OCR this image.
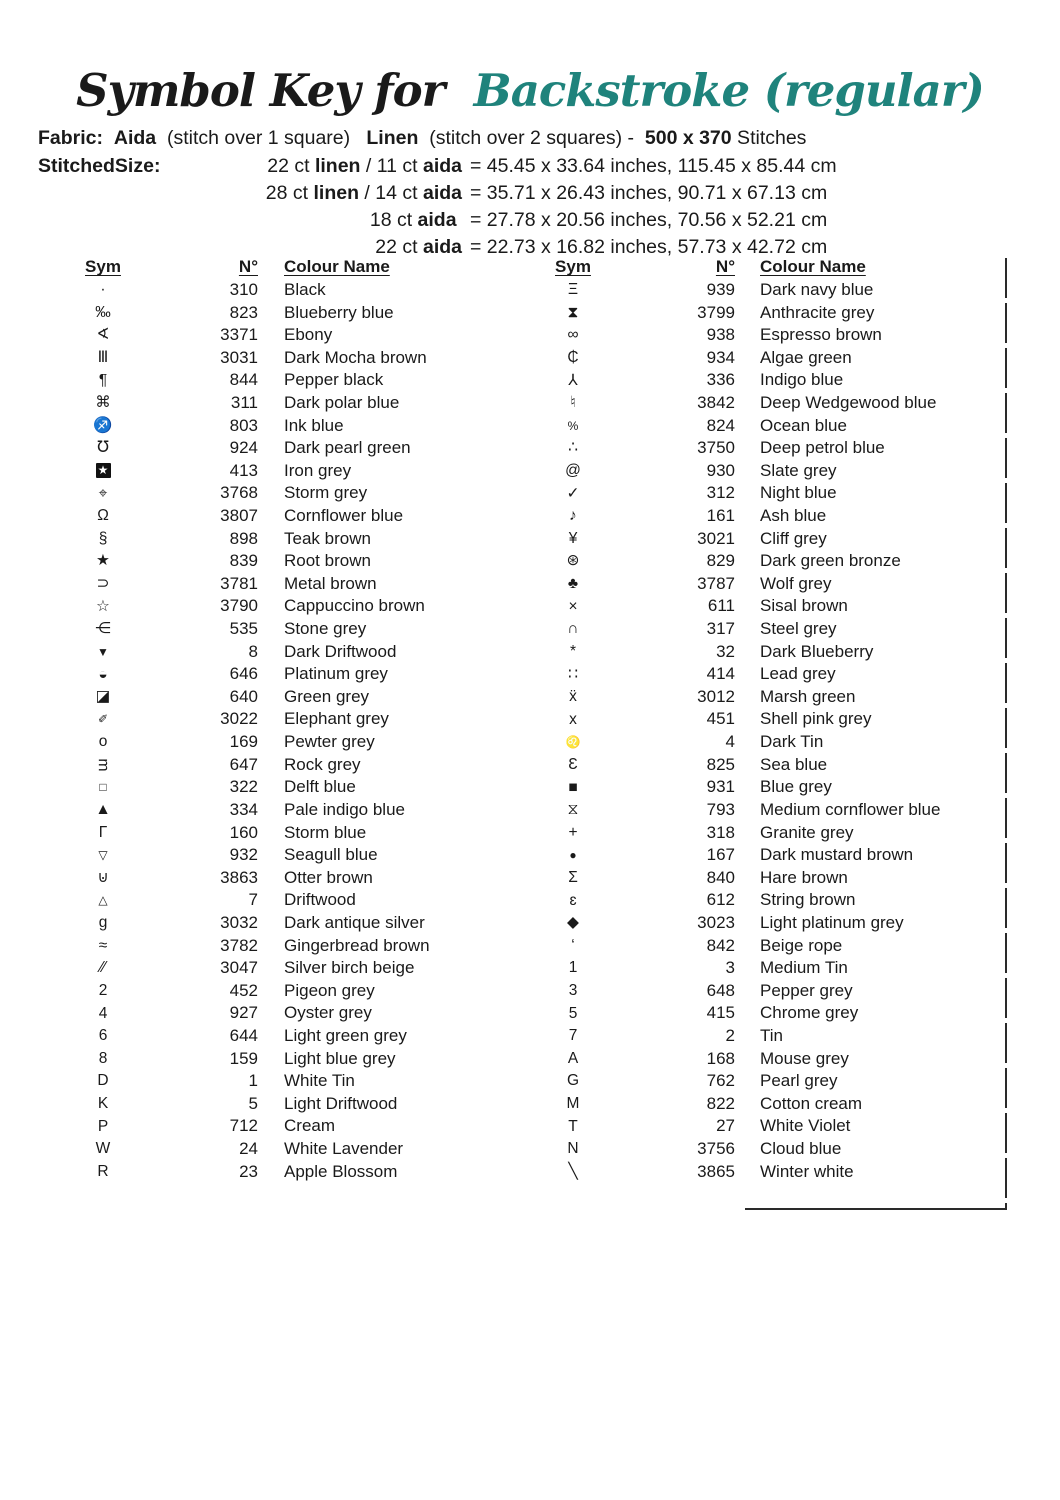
Symbol Key for  Backstroke (regular)
Fabric: Aida  (stitch over 1 square)   Linen  (stitch over 2 squares) -  500 x 370 Stitches
StitchedSize:	22 ct linen / 11 ct aida = 45.45 x 33.64 inches, 115.45 x 85.44 cm
28 ct linen / 14 ct aida = 35.71 x 26.43 inches, 90.71 x 67.13 cm
18 ct aida = 27.78 x 20.56 inches, 70.56 x 52.21 cm
22 ct aida = 22.73 x 16.82 inches, 57.73 x 42.72 cm
Sym	N°	Colour Name
·	310	Black
‰	823	Blueberry blue
∢	3371	Ebony
Ⅲ	3031	Dark Mocha brown
¶	844	Pepper black
⌘	311	Dark polar blue
♐	803	Ink blue
℧	924	Dark pearl green
★	413	Iron grey
⌖	3768	Storm grey
Ω	3807	Cornflower blue
§	898	Teak brown
★	839	Root brown
⊃	3781	Metal brown
☆	3790	Cappuccino brown
⋲	535	Stone grey
▼	8	Dark Driftwood
◒	646	Platinum grey
◪	640	Green grey
✐	3022	Elephant grey
o	169	Pewter grey
ᴟ	647	Rock grey
□	322	Delft blue
▲	334	Pale indigo blue
Γ	160	Storm blue
▽	932	Seagull blue
⊍	3863	Otter brown
△	7	Driftwood
g	3032	Dark antique silver
≈	3782	Gingerbread brown
⁄⁄	3047	Silver birch beige
2	452	Pigeon grey
4	927	Oyster grey
6	644	Light green grey
8	159	Light blue grey
D	1	White Tin
K	5	Light Driftwood
P	712	Cream
W	24	White Lavender
R	23	Apple Blossom
Sym	N°	Colour Name
Ξ	939	Dark navy blue
⧗	3799	Anthracite grey
∞	938	Espresso brown
₵	934	Algae green
⅄	336	Indigo blue
♮	3842	Deep Wedgewood blue
%	824	Ocean blue
∴	3750	Deep petrol blue
@	930	Slate grey
✓	312	Night blue
♪	161	Ash blue
¥	3021	Cliff grey
⊛	829	Dark green bronze
♣	3787	Wolf grey
×	611	Sisal brown
∩	317	Steel grey
*	32	Dark Blueberry
∷	414	Lead grey
ẍ	3012	Marsh green
x	451	Shell pink grey
♌	4	Dark Tin
Ɛ	825	Sea blue
■	931	Blue grey
⧖	793	Medium cornflower blue
+	318	Granite grey
●	167	Dark mustard brown
Σ	840	Hare brown
ɛ	612	String brown
◆	3023	Light platinum grey
‘	842	Beige rope
1	3	Medium Tin
3	648	Pepper grey
5	415	Chrome grey
7	2	Tin
A	168	Mouse grey
G	762	Pearl grey
M	822	Cotton cream
T	27	White Violet
N	3756	Cloud blue
╲	3865	Winter white
